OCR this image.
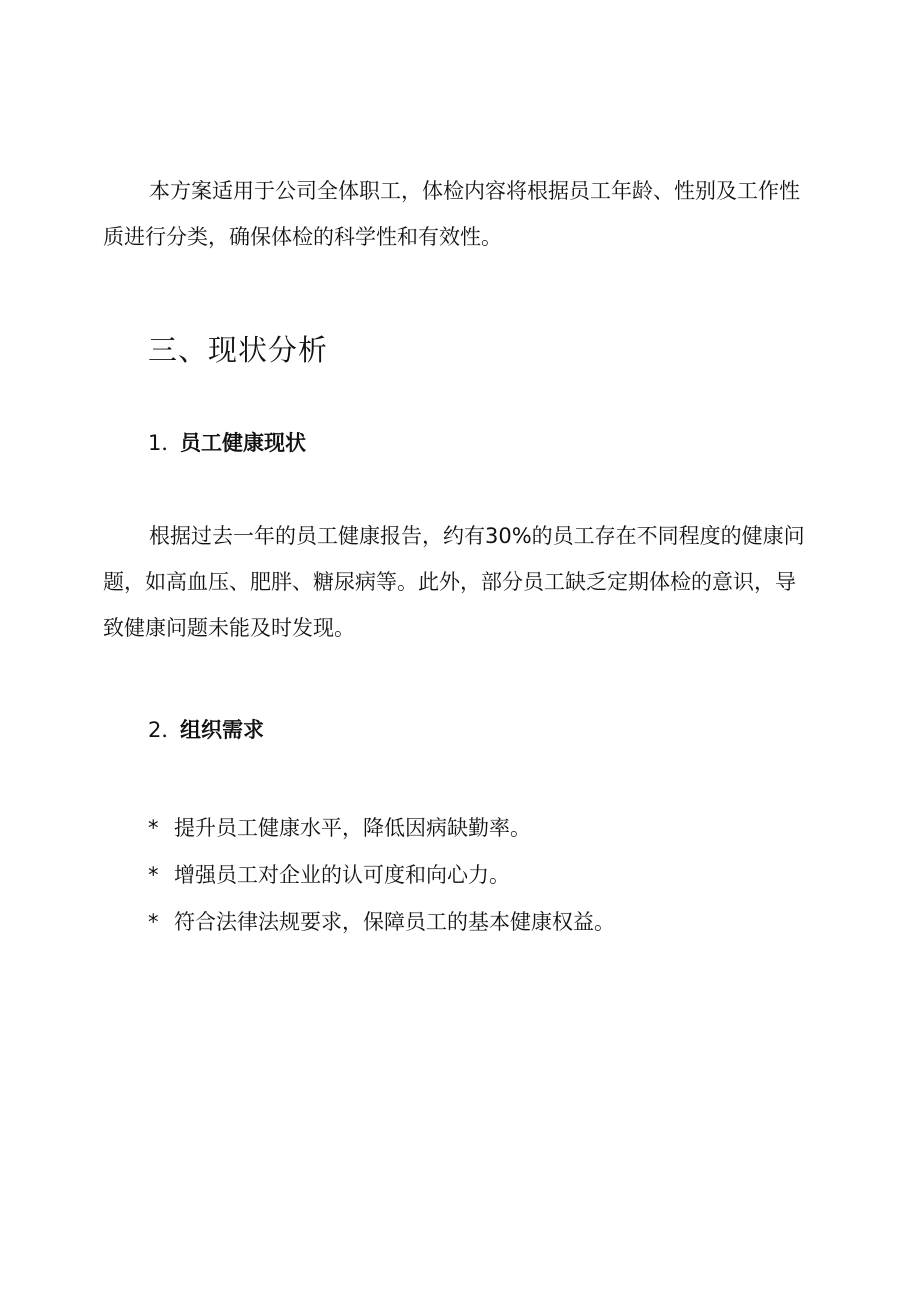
本方案适用于公司全体职工，体检内容将根据员工年龄、性别及工作性
质进行分类，确保体检的科学性和有效性。

三、现状分析
1．员工健康现状

根据过去一年的员工健康报告，约有30%的员工存在不同程度的健康问
题，如高血压、肥胖、糖尿病等。此外，部分员工缺乏定期体检的意识，导
致健康问题未能及时发现。

2．组织需求
* 提升员工健康水平，降低因病缺勤率。
* 增强员工对企业的认可度和向心力。
* 符合法律法规要求，保障员工的基本健康权益。
